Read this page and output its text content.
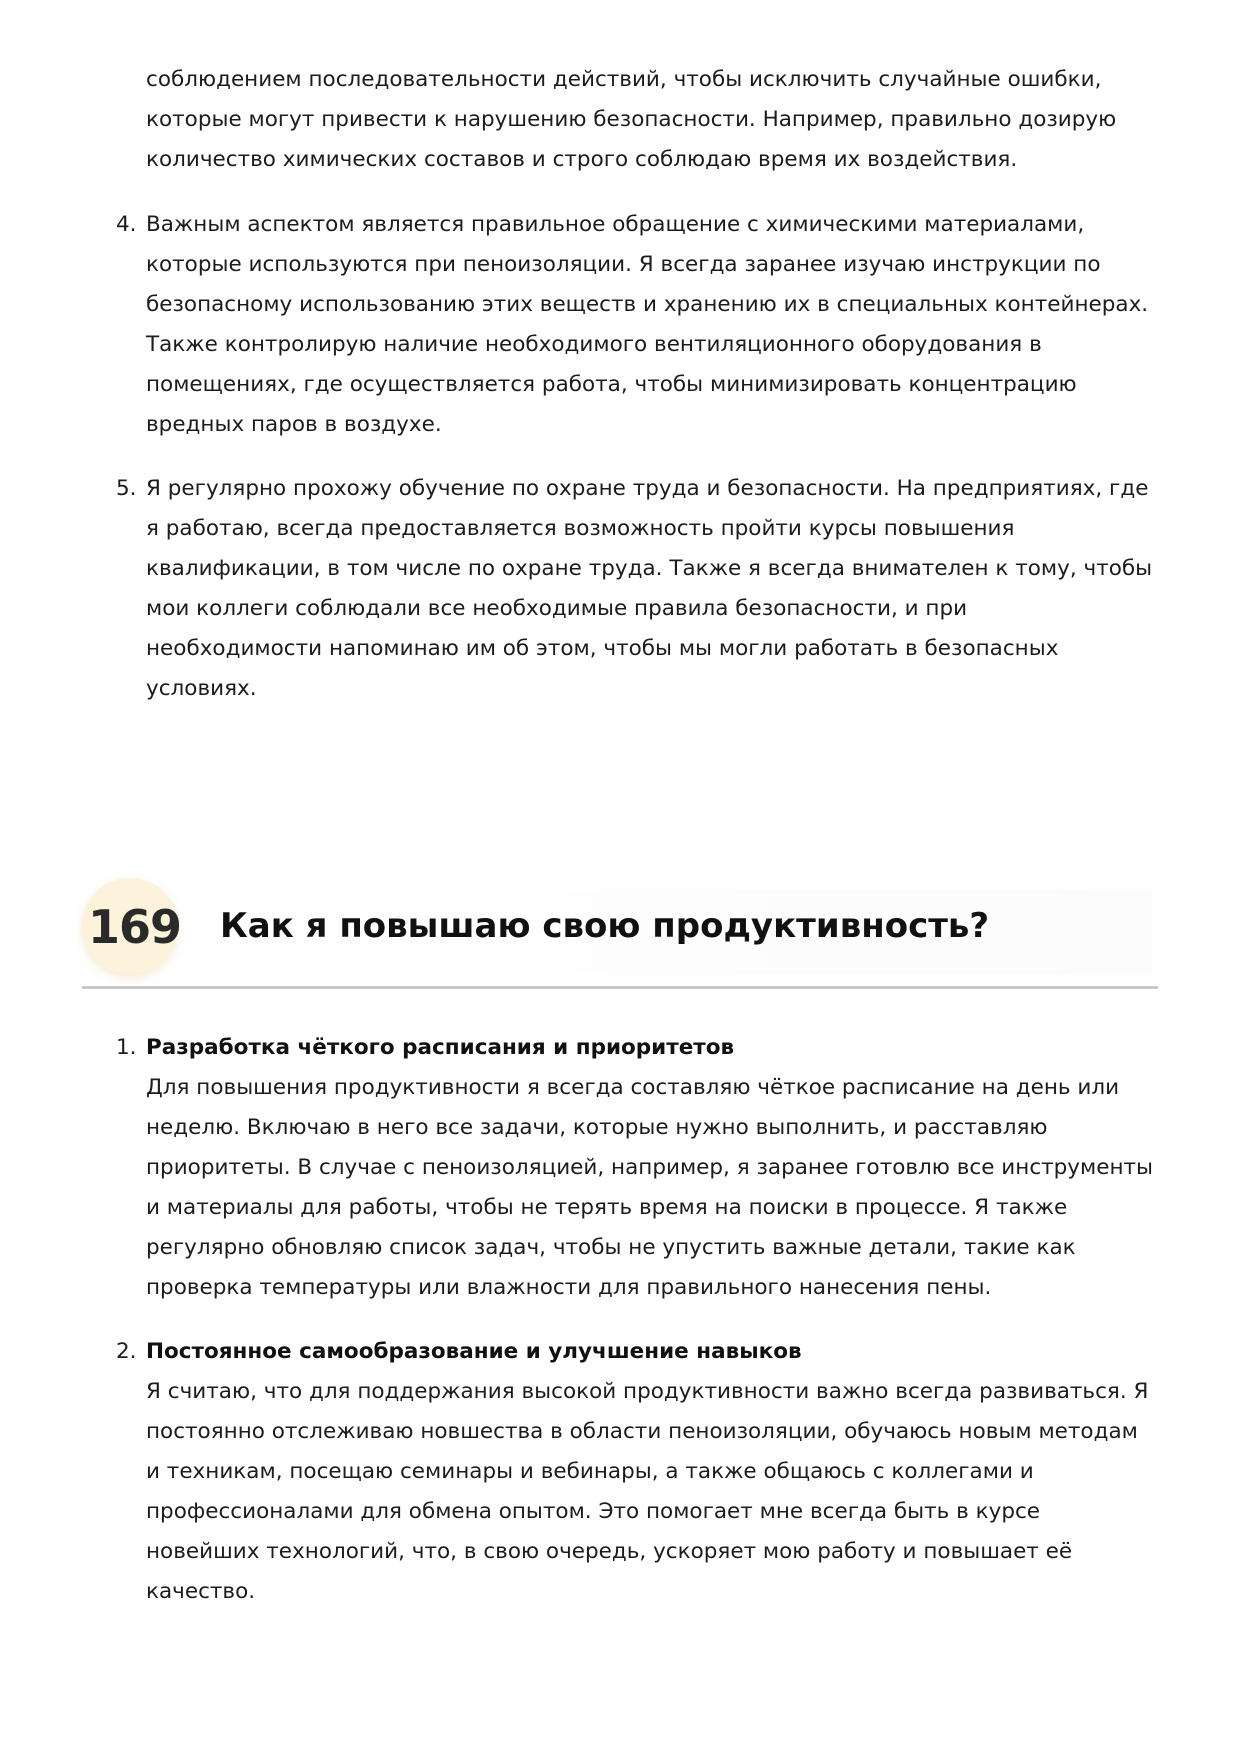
соблюдением последовательности действий, чтобы исключить случайные ошибки,
которые могут привести к нарушению безопасности. Например, правильно дозирую
количество химических составов и строго соблюдаю время их воздействия.
4. Важным аспектом является правильное обращение с химическими материалами,
которые используются при пеноизоляции. Я всегда заранее изучаю инструкции по
безопасному использованию этих веществ и хранению их в специальных контейнерах.
Также контролирую наличие необходимого вентиляционного оборудования в
помещениях, где осуществляется работа, чтобы минимизировать концентрацию
вредных паров в воздухе.
5. Я регулярно прохожу обучение по охране труда и безопасности. На предприятиях, где
я работаю, всегда предоставляется возможность пройти курсы повышения
квалификации, в том числе по охране труда. Также я всегда внимателен к тому, чтобы
мои коллеги соблюдали все необходимые правила безопасности, и при
необходимости напоминаю им об этом, чтобы мы могли работать в безопасных
условиях.
169 Как я повышаю свою продуктивность?
1. Разработка чёткого расписания и приоритетов
Для повышения продуктивности я всегда составляю чёткое расписание на день или
неделю. Включаю в него все задачи, которые нужно выполнить, и расставляю
приоритеты. В случае с пеноизоляцией, например, я заранее готовлю все инструменты
и материалы для работы, чтобы не терять время на поиски в процессе. Я также
регулярно обновляю список задач, чтобы не упустить важные детали, такие как
проверка температуры или влажности для правильного нанесения пены.
2. Постоянное самообразование и улучшение навыков
Я считаю, что для поддержания высокой продуктивности важно всегда развиваться. Я
постоянно отслеживаю новшества в области пеноизоляции, обучаюсь новым методам
и техникам, посещаю семинары и вебинары, а также общаюсь с коллегами и
профессионалами для обмена опытом. Это помогает мне всегда быть в курсе
новейших технологий, что, в свою очередь, ускоряет мою работу и повышает её
качество.
